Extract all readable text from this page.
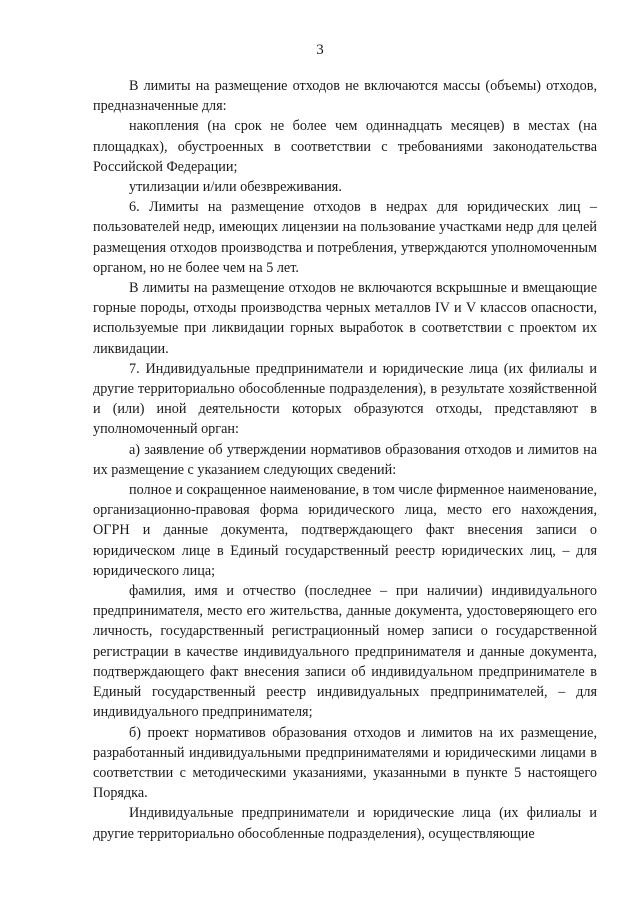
3

В лимиты на размещение отходов не включаются массы (объемы) отходов, предназначенные для:

накопления (на срок не более чем одиннадцать месяцев) в местах (на площадках), обустроенных в соответствии с требованиями законодательства Российской Федерации;

утилизации и/или обезвреживания.

6. Лимиты на размещение отходов в недрах для юридических лиц – пользователей недр, имеющих лицензии на пользование участками недр для целей размещения отходов производства и потребления, утверждаются уполномоченным органом, но не более чем на 5 лет.

В лимиты на размещение отходов не включаются вскрышные и вмещающие горные породы, отходы производства черных металлов IV и V классов опасности, используемые при ликвидации горных выработок в соответствии с проектом их ликвидации.

7. Индивидуальные предприниматели и юридические лица (их филиалы и другие территориально обособленные подразделения), в результате хозяйственной и (или) иной деятельности которых образуются отходы, представляют в уполномоченный орган:

а) заявление об утверждении нормативов образования отходов и лимитов на их размещение с указанием следующих сведений:

полное и сокращенное наименование, в том числе фирменное наименование, организационно-правовая форма юридического лица, место его нахождения, ОГРН и данные документа, подтверждающего факт внесения записи о юридическом лице в Единый государственный реестр юридических лиц, – для юридического лица;

фамилия, имя и отчество (последнее – при наличии) индивидуального предпринимателя, место его жительства, данные документа, удостоверяющего его личность, государственный регистрационный номер записи о государственной регистрации в качестве индивидуального предпринимателя и данные документа, подтверждающего факт внесения записи об индивидуальном предпринимателе в Единый государственный реестр индивидуальных предпринимателей, – для индивидуального предпринимателя;

б) проект нормативов образования отходов и лимитов на их размещение, разработанный индивидуальными предпринимателями и юридическими лицами в соответствии с методическими указаниями, указанными в пункте 5 настоящего Порядка.

Индивидуальные предприниматели и юридические лица (их филиалы и другие территориально обособленные подразделения), осуществляющие
